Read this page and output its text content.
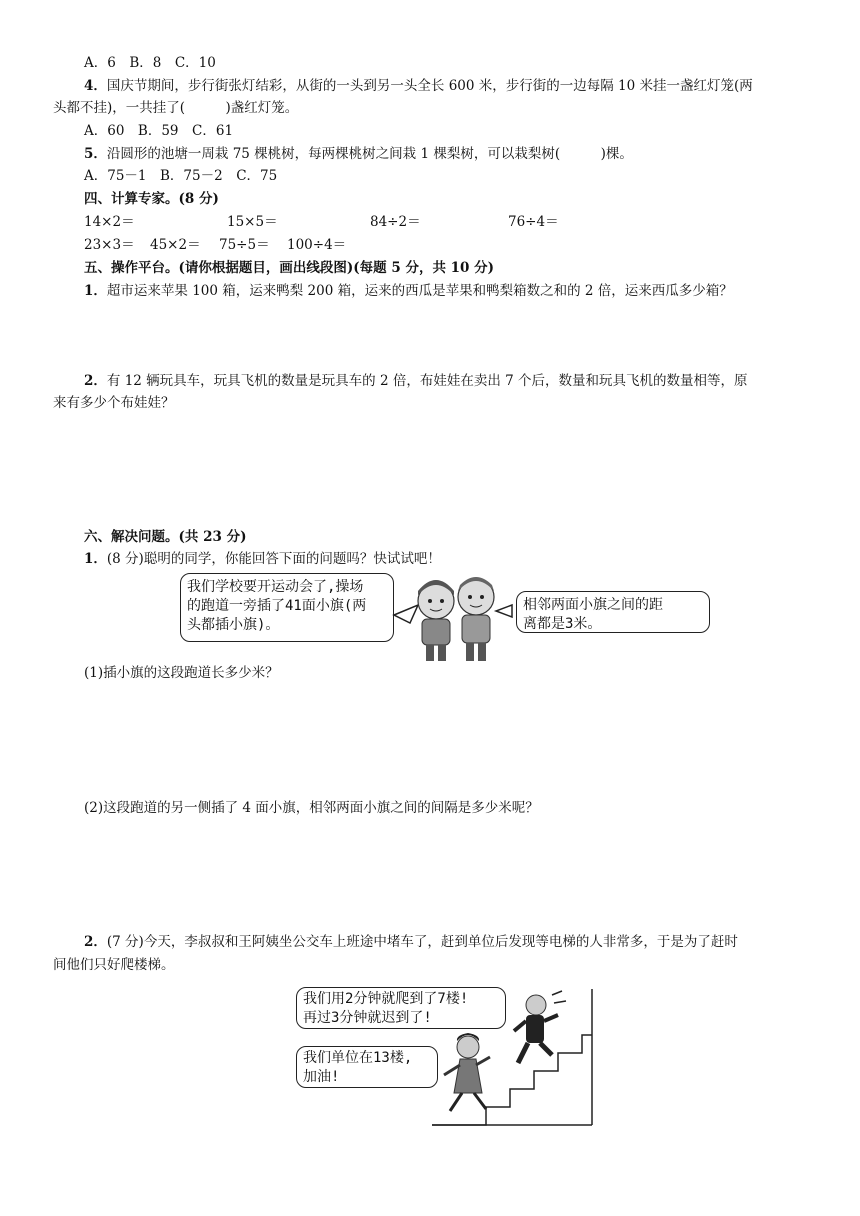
A．6　B．8　C．10
4．国庆节期间，步行街张灯结彩，从街的一头到另一头全长 600 米，步行街的一边每隔 10 米挂一盏红灯笼(两
头都不挂)，一共挂了(　　　)盏红灯笼。
A．60　B．59　C．61
5．沿圆形的池塘一周栽 75 棵桃树，每两棵桃树之间栽 1 棵梨树，可以栽梨树(　　　)棵。
A．75－1　B．75－2　C．75
四、计算专家。(8 分)
14×2＝	15×5＝	84÷2＝	76÷4＝
23×3＝ 45×2＝ 75÷5＝ 100÷4＝
五、操作平台。(请你根据题目，画出线段图)(每题 5 分，共 10 分)
1．超市运来苹果 100 箱，运来鸭梨 200 箱，运来的西瓜是苹果和鸭梨箱数之和的 2 倍，运来西瓜多少箱？
2．有 12 辆玩具车，玩具飞机的数量是玩具车的 2 倍，布娃娃在卖出 7 个后，数量和玩具飞机的数量相等，原
来有多少个布娃娃？
六、解决问题。(共 23 分)
1．(8 分)聪明的同学，你能回答下面的问题吗？快试试吧！
我们学校要开运动会了,操场
的跑道一旁插了41面小旗(两
头都插小旗)。
相邻两面小旗之间的距
离都是3米。
(1)插小旗的这段跑道长多少米？
(2)这段跑道的另一侧插了 4 面小旗，相邻两面小旗之间的间隔是多少米呢？
2．(7 分)今天，李叔叔和王阿姨坐公交车上班途中堵车了，赶到单位后发现等电梯的人非常多，于是为了赶时
间他们只好爬楼梯。
我们用2分钟就爬到了7楼!
再过3分钟就迟到了!
我们单位在13楼,
加油!
